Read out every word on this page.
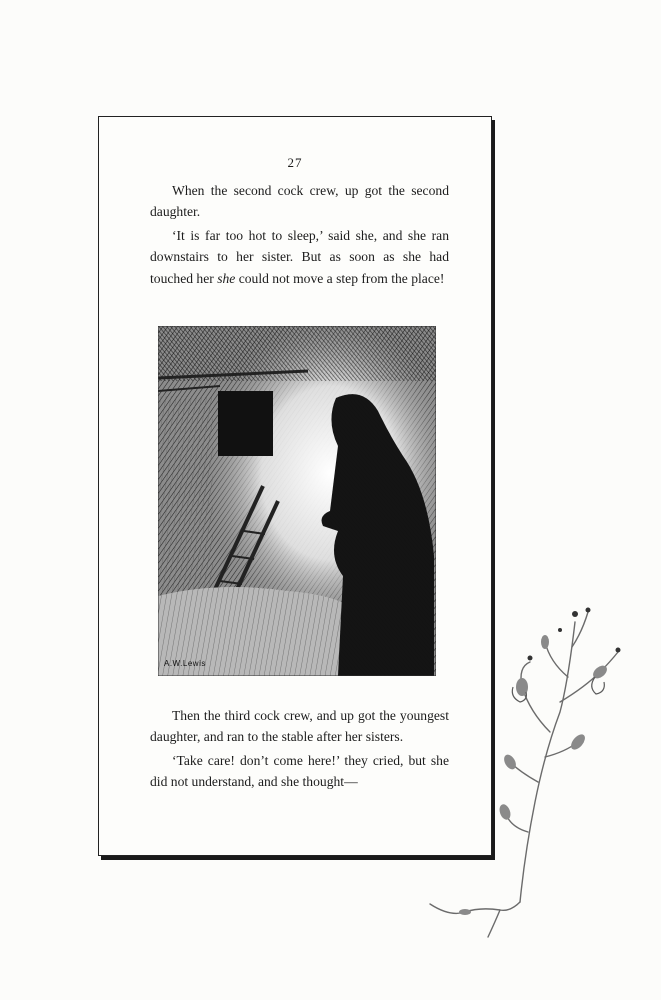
27

When the second cock crew, up got the second daughter.

‘It is far too hot to sleep,’ said she, and she ran downstairs to her sister. But as soon as she had touched her she could not move a step from the place!

A.W.Lewis

Then the third cock crew, and up got the youngest daughter, and ran to the stable after her sisters.

‘Take care! don’t come here!’ they cried, but she did not understand, and she thought—
